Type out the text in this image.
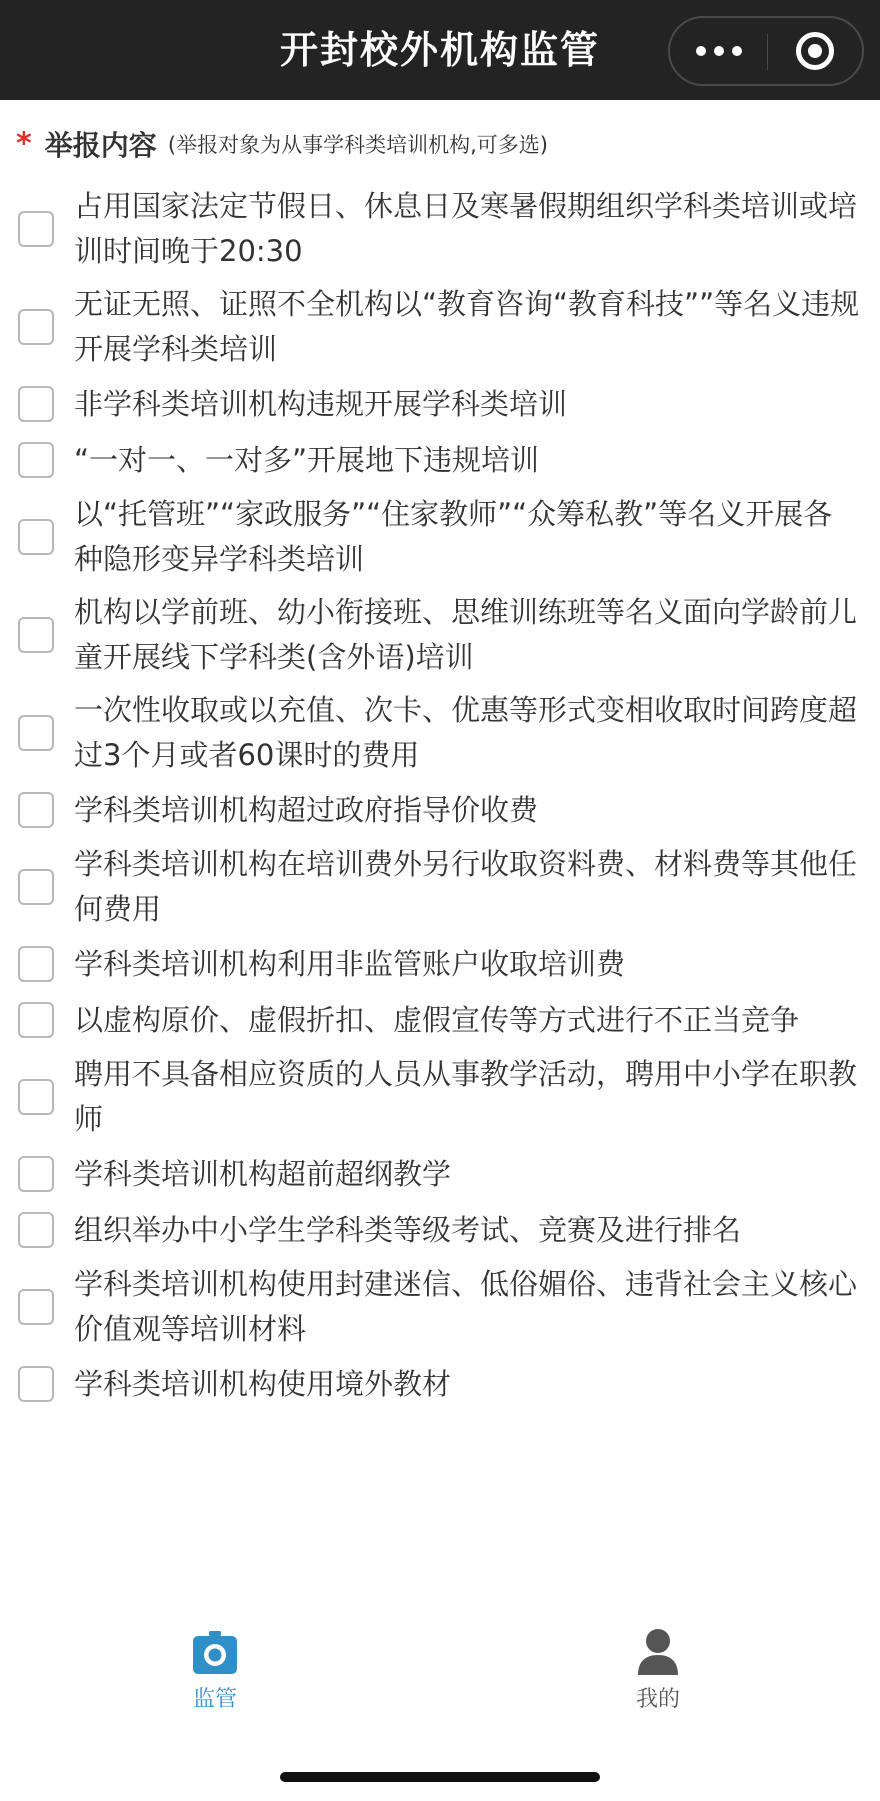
开封校外机构监管
* 举报内容 (举报对象为从事学科类培训机构,可多选)
占用国家法定节假日、休息日及寒暑假期组织学科类培训或培训时间晚于20:30
无证无照、证照不全机构以“教育咨询“教育科技””等名义违规开展学科类培训
非学科类培训机构违规开展学科类培训
“一对一、一对多”开展地下违规培训
以“托管班”“家政服务”“住家教师”“众筹私教”等名义开展各种隐形变异学科类培训
机构以学前班、幼小衔接班、思维训练班等名义面向学龄前儿童开展线下学科类(含外语)培训
一次性收取或以充值、次卡、优惠等形式变相收取时间跨度超过3个月或者60课时的费用
学科类培训机构超过政府指导价收费
学科类培训机构在培训费外另行收取资料费、材料费等其他任何费用
学科类培训机构利用非监管账户收取培训费
以虚构原价、虚假折扣、虚假宣传等方式进行不正当竞争
聘用不具备相应资质的人员从事教学活动，聘用中小学在职教师
学科类培训机构超前超纲教学
组织举办中小学生学科类等级考试、竞赛及进行排名
学科类培训机构使用封建迷信、低俗媚俗、违背社会主义核心价值观等培训材料
学科类培训机构使用境外教材
监管	我的
